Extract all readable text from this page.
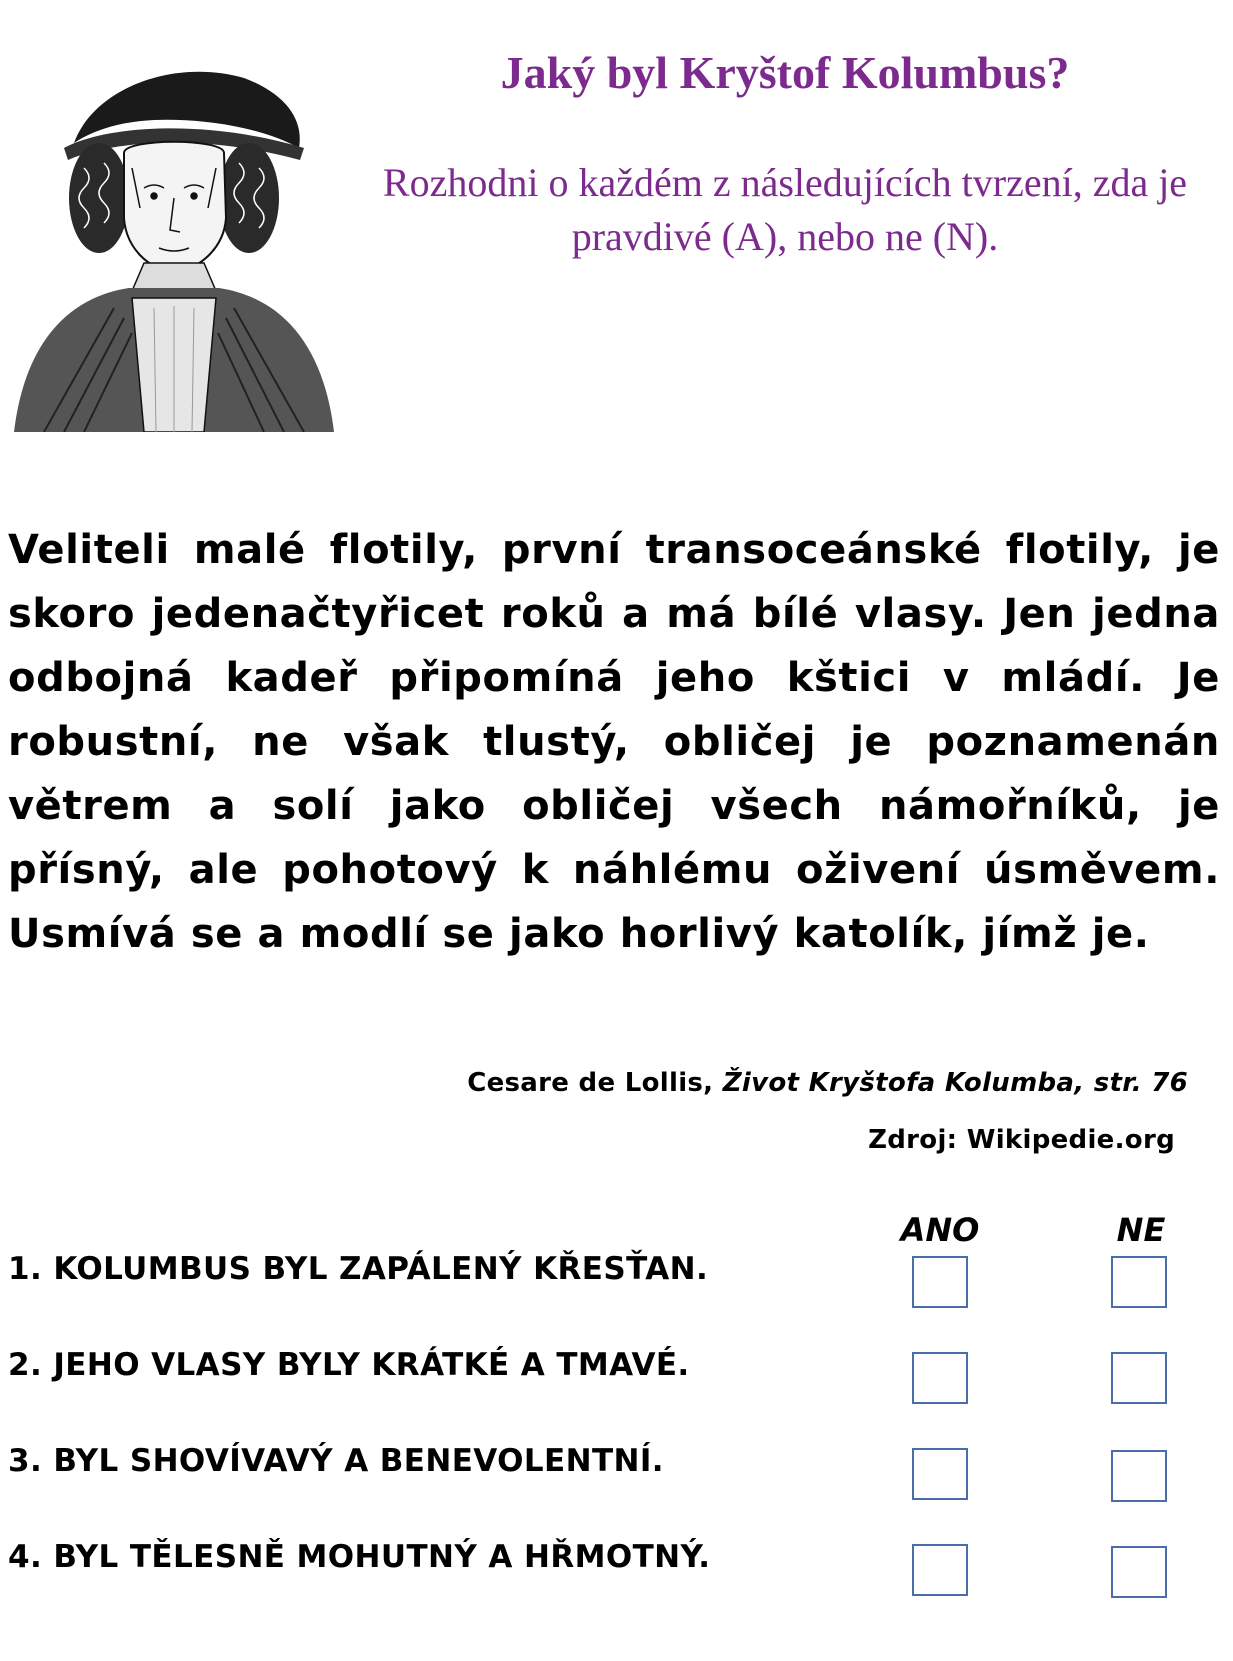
Jaký byl Kryštof Kolumbus?

Rozhodni o každém z následujících tvrzení, zda je pravdivé (A), nebo ne (N).

Veliteli malé flotily, první transoceánské flotily, je skoro jedenačtyřicet roků a má bílé vlasy. Jen jedna odbojná kadeř připomíná jeho kštici v mládí. Je robustní, ne však tlustý, obličej je poznamenán větrem a solí jako obličej všech námořníků, je přísný, ale pohotový k náhlému oživení úsměvem. Usmívá se a modlí se jako horlivý katolík, jímž je.

Cesare de Lollis, Život Kryštofa Kolumba, str. 76

Zdroj: Wikipedie.org

ANO	NE

1. KOLUMBUS BYL ZAPÁLENÝ KŘESŤAN.

2. JEHO VLASY BYLY KRÁTKÉ A TMAVÉ.

3. BYL SHOVÍVAVÝ A BENEVOLENTNÍ.

4. BYL TĚLESNĚ MOHUTNÝ A HŘMOTNÝ.
